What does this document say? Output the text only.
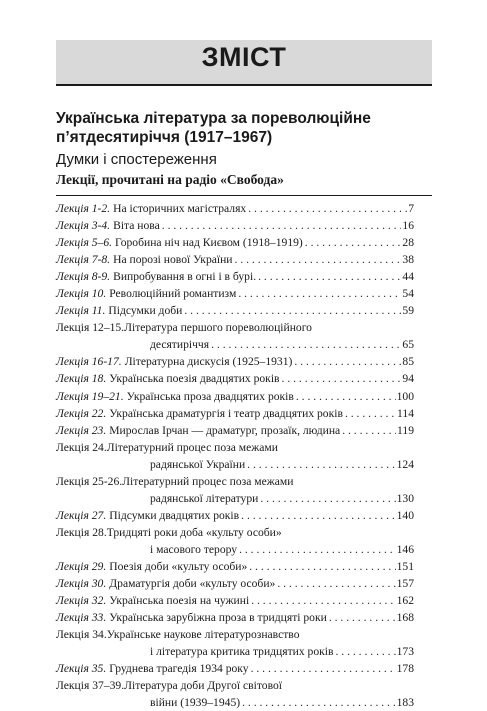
ЗМІСТ
Українська література за пореволюційне
п’ятдесятиріччя (1917–1967)
Думки і спостереження
Лекції, прочитані на радіо «Свобода»
Лекція 1-2. На історичних магістралях . . .	7
Лекція 3-4. Віта нова . . .	16
Лекція 5–6. Горобина ніч над Києвом (1918–1919) . . .	28
Лекція 7-8. На порозі нової України . . .	38
Лекція 8-9. Випробування в огні і в бурі. . . .	44
Лекція 10. Революційний романтизм . . .	54
Лекція 11. Підсумки доби . . .	59
Лекція 12–15.Література першого пореволюційного
десятиріччя . . .	65
Лекція 16-17. Літературна дискусія (1925–1931) . . .	85
Лекція 18. Українська поезія двадцятих років . . .	94
Лекція 19–21. Українська проза двадцятих років . . .	100
Лекція 22. Українська драматургія і театр двадцятих років . . .	114
Лекція 23. Мирослав Ірчан — драматург, прозаїк, людина . . .	119
Лекція 24.Літературний процес поза межами
радянської України . . .	124
Лекція 25-26.Літературний процес поза межами
радянської літератури . . .	130
Лекція 27. Підсумки двадцятих років . . .	140
Лекція 28.Тридцяті роки доба «культу особи»
і масового терору . . .	146
Лекція 29. Поезія доби «культу особи» . . .	151
Лекція 30. Драматургія доби «культу особи» . . .	157
Лекція 32. Українська поезія на чужині . . .	162
Лекція 33. Українська зарубіжна проза в тридцяті роки . . .	168
Лекція 34.Українське наукове літературознавство
і література критика тридцятих років . . .	173
Лекція 35. Груднева трагедія 1934 року . . .	178
Лекція 37–39.Література доби Другої світової
війни (1939–1945) . . .	183
